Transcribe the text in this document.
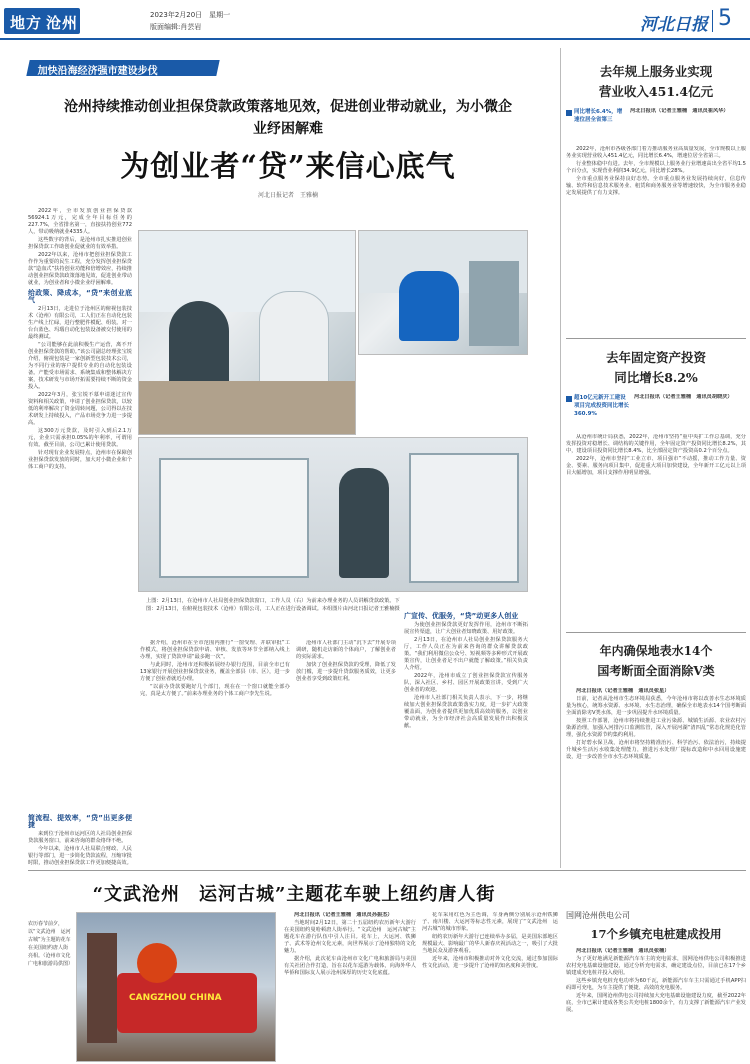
地方 沧州	2023年2月20日　星期一
版面编辑:肖芸岩	河北日报 5
加快沿海经济强市建设步伐
沧州持续推动创业担保贷款政策落地见效，促进创业带动就业，为小微企业纾困解难
为创业者“贷”来信心底气
河北日报记者　王雅楠

2022年，全市发放创业担保贷款56924.1万元，完成全年目标任务的227.7%，全省排名第一，直接扶持创业772人，带动吸纳就业4335人。

这些数字的背后，是沧州市扎实推进创业担保贷款工作助创业促就业的有效举措。

2022年以来，沧州市把创业担保贷款工作作为重要的民生工程，充分发挥创业担保贷款“造血式”扶持创业功能和倍增效应，持续推动创业担保贷款政策落地见效，促进创业带动就业，为创业者和小微企业纾困解难。

给政策、降成本，“贷”来创业底气

2月13日，走进位于沧州区的俯视包装技术（沧州）有限公司，工人们正在自动化包装生产线上忙碌，进行整肥件模配、组装。对一台台蓝色、玛瑙自动化包装设备被交付使用的最终测试。

“公司能够在此前积极生产运营，离不开创业担保贷款的帮助。”该公司副总经理张宝锐介绍，俯视包装是一家创新型包装技术公司，为不同行业的客户提供专业的自动化包装设备。产能受市场需求、系统集成和整体解决方案，技术研发与市场开拓需要持续不断的资金投入。

2022年3月，张宝锐不慕申请迷过宣传资料和相关政策，申请了创业担保贷款，以较低的利率解决了资金周转问题，公司得以在技术研发上持续投入，产品市场竞争力进一步提高。

这300万元贷款，及时引入到后2.1万元，企业只需承担0.05%的年利率，可谓用有效。截至目前，公司已累计使用贷款。

针对现有企业发展特点，沧州市在保障创业担保贷款发放的同时，加大对小微企业和个体工商户的支持。

简流程、提效率，“贷”出更多便捷

来到位于沧州市运河区的人社局创业担保贷款服务窗口，前来咨询的群众络绎不绝。

今年以来，沧州市人社局联合财政、人民银行等部门，进一步简化贷款流程，压缩审批时限，推动创业担保贷款工作更加便捷高效。

上图：2月13日，在沧州市人社局创业担保贷款窗口，工作人员（右）为前来办理业务的人员讲解贷款政策。下图：2月13日，在俯视包装技术（沧州）有限公司，工人正在进行设备调试。本组图片由河北日报记者王雅楠摄

据介绍，沧州市在全市范围内推行“一窗受理、并联审批”工作模式，将创业担保贷款申请、审核、发放等环节全部纳入线上办理，实现了贷款申请“最多跑一次”。

与此同时，沧州市还积极拓展经办银行范围，目前全市已有13家银行开展创业担保贷款业务，覆盖全部县（市、区），进一步方便了创业者就近办理。

“以前办贷款要跑好几个部门，现在在一个窗口就能全部办完，真是太方便了。”前来办理业务的个体工商户李先生说。

沧州市人社部门主动“沉下去”开展专项调研，随机走访新的个体商户，了解创业者的实际需求。

加快了创业担保贷款的受理，降低了发放门槛，进一步提升贷款服务质效，让更多创业者享受到政策红利。

广宣传、优服务，“贷”动更多人创业

为使创业担保贷款更好发挥作用，沧州市不断拓展宣传渠道，让广大创业者知晓政策、用好政策。

2月13日，在沧州市人社局创业担保贷款服务大厅，工作人员正在为前来咨询的群众讲解贷款政策。“我们利用微信公众号、短视频等多种形式开展政策宣传，让创业者足不出户就能了解政策。”相关负责人介绍。

2022年，沧州市成立了创业担保贷款宣传服务队，深入社区、乡村、园区开展政策宣讲，受到广大创业者的欢迎。

沧州市人社部门相关负责人表示，下一步，将继续加大创业担保贷款政策落实力度，进一步扩大政策覆盖面，为创业者提供更加优质高效的服务，以创业带动就业，为全市经济社会高质量发展作出积极贡献。

去年规上服务业实现
营业收入451.4亿元
同比增长6.4%，增速位居全省第三
河北日报讯（记者王雅楠　通讯员崔风华）

2022年，沧州市各级各部门着力推动服务业高质量发展，全市规模以上服务业实现营业收入451.4亿元，同比增长6.4%，增速位居全省第三。

行业整体稳中有进。去年，全市规模以上服务业行业增速高出全省平均1.5个百分点，实现营业利润34.9亿元，同比增长28%。

全市重点服务业保持良好态势。全市重点服务业发展持续向好，信息传输、软件和信息技术服务业、租赁和商务服务业等增速较快，为全市服务业稳定发展提供了有力支撑。

去年固定资产投资
同比增长8.2%
超10亿元新开工建设项目完成投资同比增长360.9%
河北日报讯（记者王雅楠　通讯员胡晓庆）

从沧州市统计局获悉，2022年，沧州市坚持“重中央扩工作总基调，充分发挥投资对稳增长、调结构的关键作用，全年固定资产投资同比增长8.2%，其中，建设项目投资同比增长8.4%，比全部固定资产投资高0.2个百分点。

2022年，沧州市坚持“工业立市、项目强市”不动摇，推动工作力量、资金、要素、服务向项目集中，促进重大项目加快建设，全年新开工亿元以上项目大幅增加，项目支撑作用明显增强。

年内确保地表水14个
国考断面全面消除Ⅴ类

河北日报讯（记者王雅楠　通讯员张星）

日前，记者从沧州市生态环境局获悉，今年沧州市将以改善水生态环境质量为核心，统筹水资源、水环境、水生态治理，确保全市地表水14个国考断面全面消除劣Ⅴ类水体，进一步巩固提升水环境质量。

按照工作部署，沧州市将持续推进工业污染源、城镇生活源、农业农村污染源治理，加强入河排污口监测监管，深入开展河湖“清四乱”常态化规范化管理，强化水资源节约集约利用。

打好碧水保卫战，沧州市将坚持精准治污、科学治污、依法治污，持续提升城乡生活污水收集处理能力，推进污水处理厂提标改造和中水回用设施建设，进一步改善全市水生态环境质量。

“文武沧州　运河古城”主题花车驶上纽约唐人街
农历春节前夕，以“文武沧州　运河古城”为主题的花车在美国纽约唐人街亮相。（沧州市文化广电和旅游局供图）
CANGZHOU CHINA

河北日报讯（记者王雅楠　通讯员孙振杰）

当地时间2月12日，第二十五届纽约农历新年大游行在美国纽约曼哈顿唐人街举行。“文武沧州　运河古城”主题花车在游行队伍中引人注目。花车上，大运河、铁狮子、武术等沧州文化元素，向世界展示了沧州独特的文化魅力。

据介绍，此次花车由沧州市文化广电和旅游局与美国有关社团合作打造，旨在以花车巡游为载体，向海外华人华侨和国际友人展示沧州深厚的历史文化底蕴。

花车采用红色为主色调，车身两侧分别展示沧州铁狮子、南川楼、大运河等标志性元素，展现了“文武沧州　运河古城”的城市形象。

纽约农历新年大游行已连续举办多届，是美国东部地区规模最大、影响最广的华人新春庆祝活动之一，吸引了大批当地民众及游客观看。

近年来，沧州市积极推动对外文化交流，通过参加国际性文化活动，进一步提升了沧州的知名度和美誉度。

国网沧州供电公司
17个乡镇充电桩建成投用

河北日报讯（记者王雅楠　通讯员张楠）

为了更好地满足新能源汽车车主的充电需求，国网沧州供电公司积极推进农村充电基础设施建设，通过分析充电需求，确定建设点位，目前已在17个乡镇建成充电桩并投入使用。

这些乡镇充电桩充电功率为60千瓦，新能源汽车车主只需通过手机APP扫码即可充电，为车主提供了便捷、高效的充电服务。

近年来，国网沧州供电公司持续加大充电基础设施建设力度，截至2022年底，全市已累计建成各类公共充电桩1800余个，有力支撑了新能源汽车产业发展。
